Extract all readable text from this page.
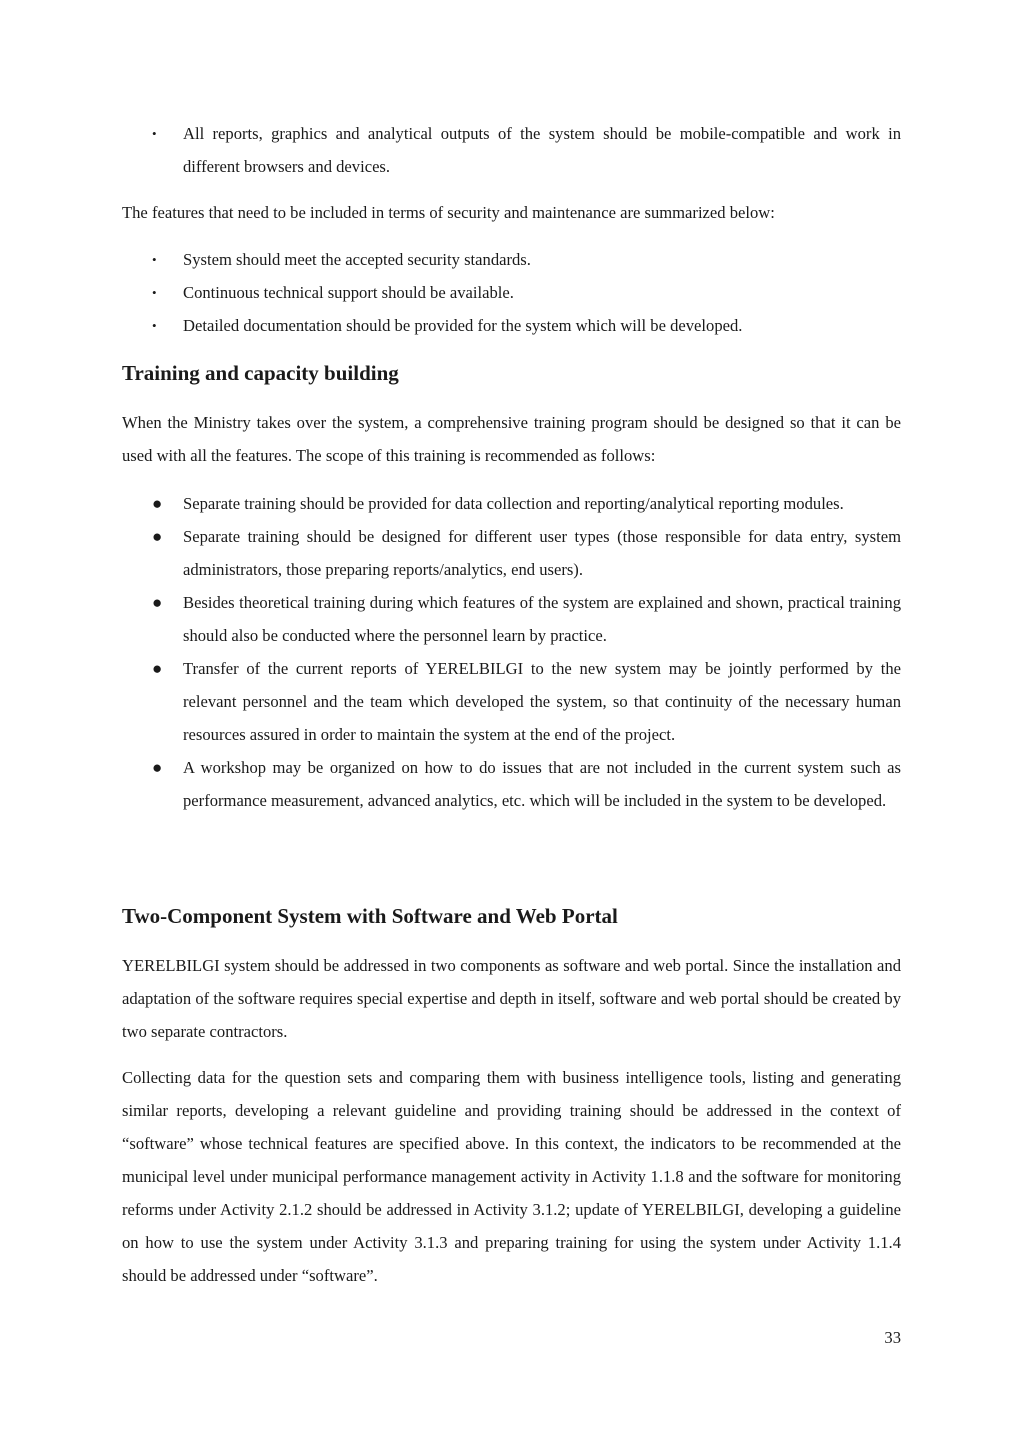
• All reports, graphics and analytical outputs of the system should be mobile-compatible and work in different browsers and devices.

The features that need to be included in terms of security and maintenance are summarized below:

• System should meet the accepted security standards.
• Continuous technical support should be available.
• Detailed documentation should be provided for the system which will be developed.
Training and capacity building

When the Ministry takes over the system, a comprehensive training program should be designed so that it can be used with all the features. The scope of this training is recommended as follows:

● Separate training should be provided for data collection and reporting/analytical reporting modules.
● Separate training should be designed for different user types (those responsible for data entry, system administrators, those preparing reports/analytics, end users).
● Besides theoretical training during which features of the system are explained and shown, practical training should also be conducted where the personnel learn by practice.
● Transfer of the current reports of YERELBILGI to the new system may be jointly performed by the relevant personnel and the team which developed the system, so that continuity of the necessary human resources assured in order to maintain the system at the end of the project.
● A workshop may be organized on how to do issues that are not included in the current system such as performance measurement, advanced analytics, etc. which will be included in the system to be developed.
Two-Component System with Software and Web Portal

YERELBILGI system should be addressed in two components as software and web portal. Since the installation and adaptation of the software requires special expertise and depth in itself, software and web portal should be created by two separate contractors.

Collecting data for the question sets and comparing them with business intelligence tools, listing and generating similar reports, developing a relevant guideline and providing training should be addressed in the context of “software” whose technical features are specified above. In this context, the indicators to be recommended at the municipal level under municipal performance management activity in Activity 1.1.8 and the software for monitoring reforms under Activity 2.1.2 should be addressed in Activity 3.1.2; update of YERELBILGI, developing a guideline on how to use the system under Activity 3.1.3 and preparing training for using the system under Activity 1.1.4 should be addressed under “software”.

33
